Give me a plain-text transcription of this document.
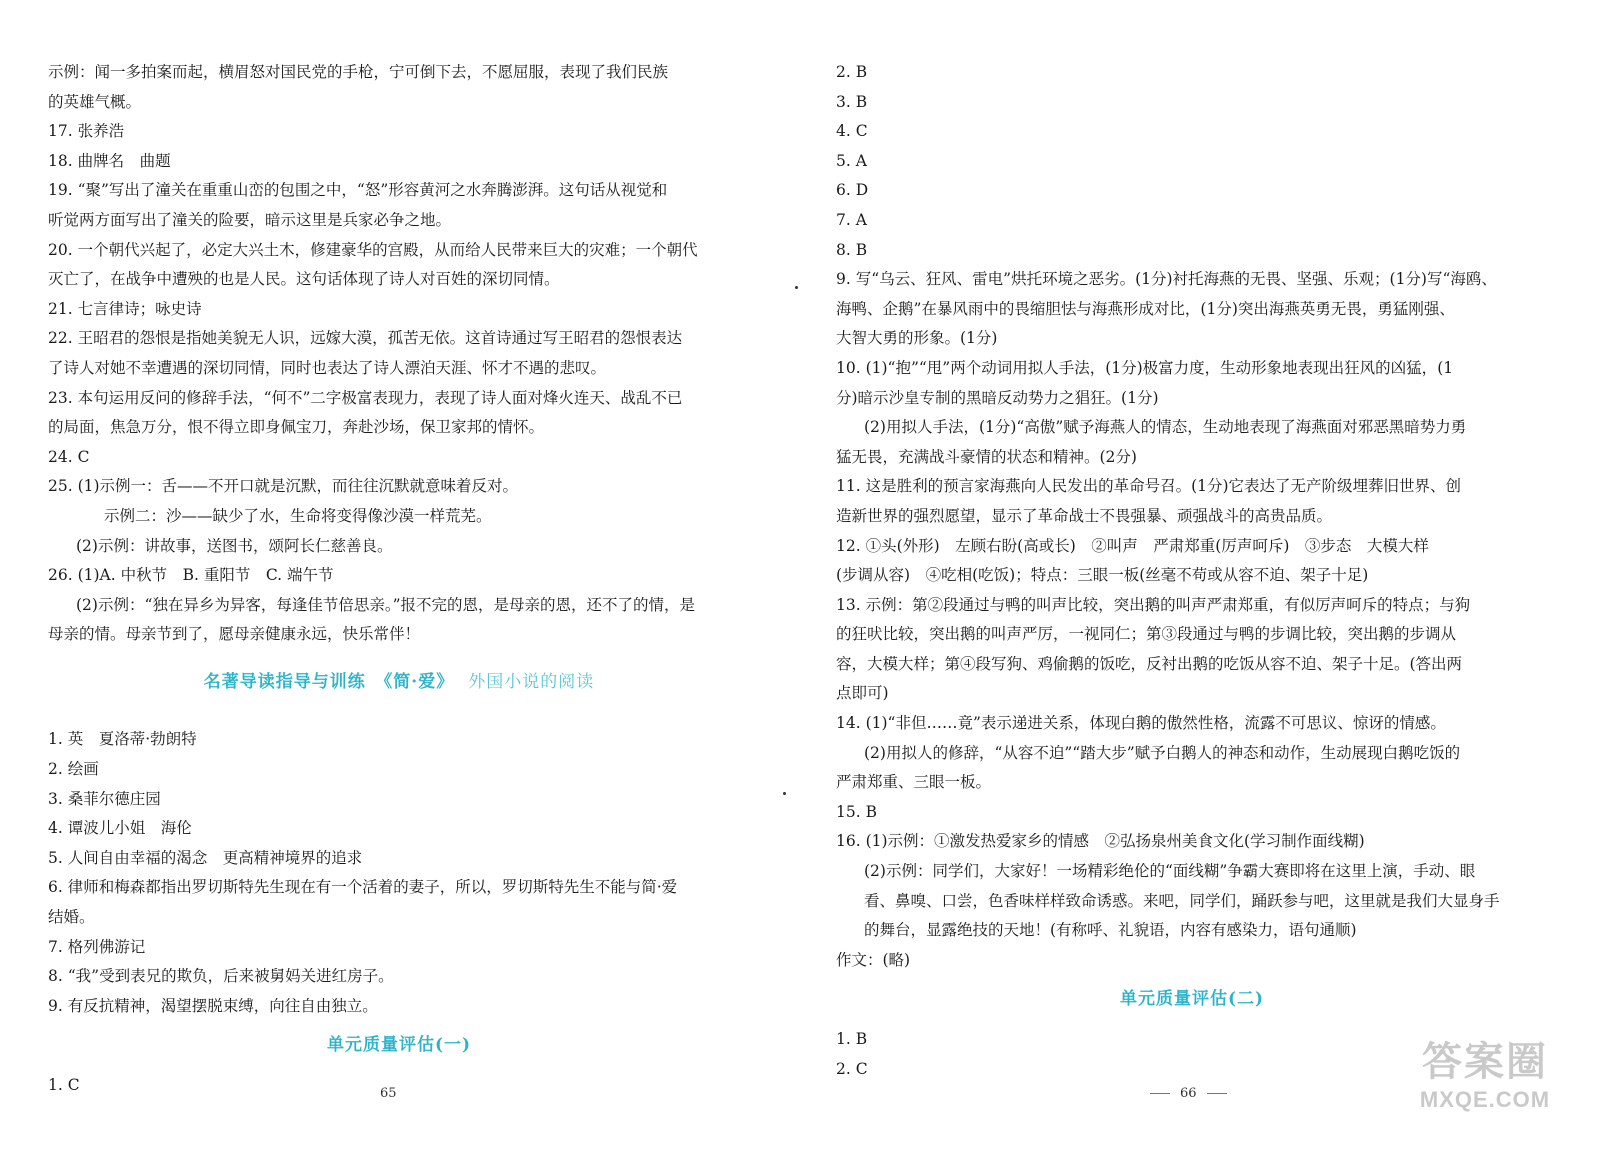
示例：闻一多拍案而起，横眉怒对国民党的手枪，宁可倒下去，不愿屈服，表现了我们民族
的英雄气概。
17. 张养浩
18. 曲牌名　曲题
19. “聚”写出了潼关在重重山峦的包围之中，“怒”形容黄河之水奔腾澎湃。这句话从视觉和
听觉两方面写出了潼关的险要，暗示这里是兵家必争之地。
20. 一个朝代兴起了，必定大兴土木，修建豪华的宫殿，从而给人民带来巨大的灾难；一个朝代
灭亡了，在战争中遭殃的也是人民。这句话体现了诗人对百姓的深切同情。
21. 七言律诗；咏史诗
22. 王昭君的怨恨是指她美貌无人识，远嫁大漠，孤苦无依。这首诗通过写王昭君的怨恨表达
了诗人对她不幸遭遇的深切同情，同时也表达了诗人漂泊天涯、怀才不遇的悲叹。
23. 本句运用反问的修辞手法，“何不”二字极富表现力，表现了诗人面对烽火连天、战乱不已
的局面，焦急万分，恨不得立即身佩宝刀，奔赴沙场，保卫家邦的情怀。
24. C
25. (1)示例一：舌——不开口就是沉默，而往往沉默就意味着反对。
示例二：沙——缺少了水，生命将变得像沙漠一样荒芜。
(2)示例：讲故事，送图书，颂阿长仁慈善良。
26. (1)A. 中秋节　B. 重阳节　C. 端午节
(2)示例：“独在异乡为异客，每逢佳节倍思亲。”报不完的恩，是母亲的恩，还不了的情，是
母亲的情。母亲节到了，愿母亲健康永远，快乐常伴！
名著导读指导与训练　《简·爱》 外国小说的阅读
1. 英　夏洛蒂·勃朗特
2. 绘画
3. 桑菲尔德庄园
4. 谭波儿小姐　海伦
5. 人间自由幸福的渴念　更高精神境界的追求
6. 律师和梅森都指出罗切斯特先生现在有一个活着的妻子，所以，罗切斯特先生不能与简·爱
结婚。
7. 格列佛游记
8. “我”受到表兄的欺负，后来被舅妈关进红房子。
9. 有反抗精神，渴望摆脱束缚，向往自由独立。
单元质量评估(一)
1. C	65
2. B
3. B
4. C
5. A
6. D
7. A
8. B
9. 写“乌云、狂风、雷电”烘托环境之恶劣。(1分)衬托海燕的无畏、坚强、乐观；(1分)写“海鸥、
海鸭、企鹅”在暴风雨中的畏缩胆怯与海燕形成对比，(1分)突出海燕英勇无畏，勇猛刚强、
大智大勇的形象。(1分)
10. (1)“抱”“甩”两个动词用拟人手法，(1分)极富力度，生动形象地表现出狂风的凶猛，(1
分)暗示沙皇专制的黑暗反动势力之猖狂。(1分)
(2)用拟人手法，(1分)“高傲”赋予海燕人的情态，生动地表现了海燕面对邪恶黑暗势力勇
猛无畏，充满战斗豪情的状态和精神。(2分)
11. 这是胜利的预言家海燕向人民发出的革命号召。(1分)它表达了无产阶级埋葬旧世界、创
造新世界的强烈愿望，显示了革命战士不畏强暴、顽强战斗的高贵品质。
12. ①头(外形)　左顾右盼(高或长)　②叫声　严肃郑重(厉声呵斥)　③步态　大模大样
(步调从容)　④吃相(吃饭)；特点：三眼一板(丝毫不苟或从容不迫、架子十足)
13. 示例：第②段通过与鸭的叫声比较，突出鹅的叫声严肃郑重，有似厉声呵斥的特点；与狗
的狂吠比较，突出鹅的叫声严厉，一视同仁；第③段通过与鸭的步调比较，突出鹅的步调从
容，大模大样；第④段写狗、鸡偷鹅的饭吃，反衬出鹅的吃饭从容不迫、架子十足。(答出两
点即可)
14. (1)“非但……竟”表示递进关系，体现白鹅的傲然性格，流露不可思议、惊讶的情感。
(2)用拟人的修辞，“从容不迫”“踏大步”赋予白鹅人的神态和动作，生动展现白鹅吃饭的
严肃郑重、三眼一板。
15. B
16. (1)示例：①激发热爱家乡的情感　②弘扬泉州美食文化(学习制作面线糊)
(2)示例：同学们，大家好！一场精彩绝伦的“面线糊”争霸大赛即将在这里上演，手动、眼
看、鼻嗅、口尝，色香味样样致命诱惑。来吧，同学们，踊跃参与吧，这里就是我们大显身手
的舞台，显露绝技的天地！(有称呼、礼貌语，内容有感染力，语句通顺)
作文：(略)
单元质量评估(二)
1. B
2. C
66
答案圈
MXQE.COM
